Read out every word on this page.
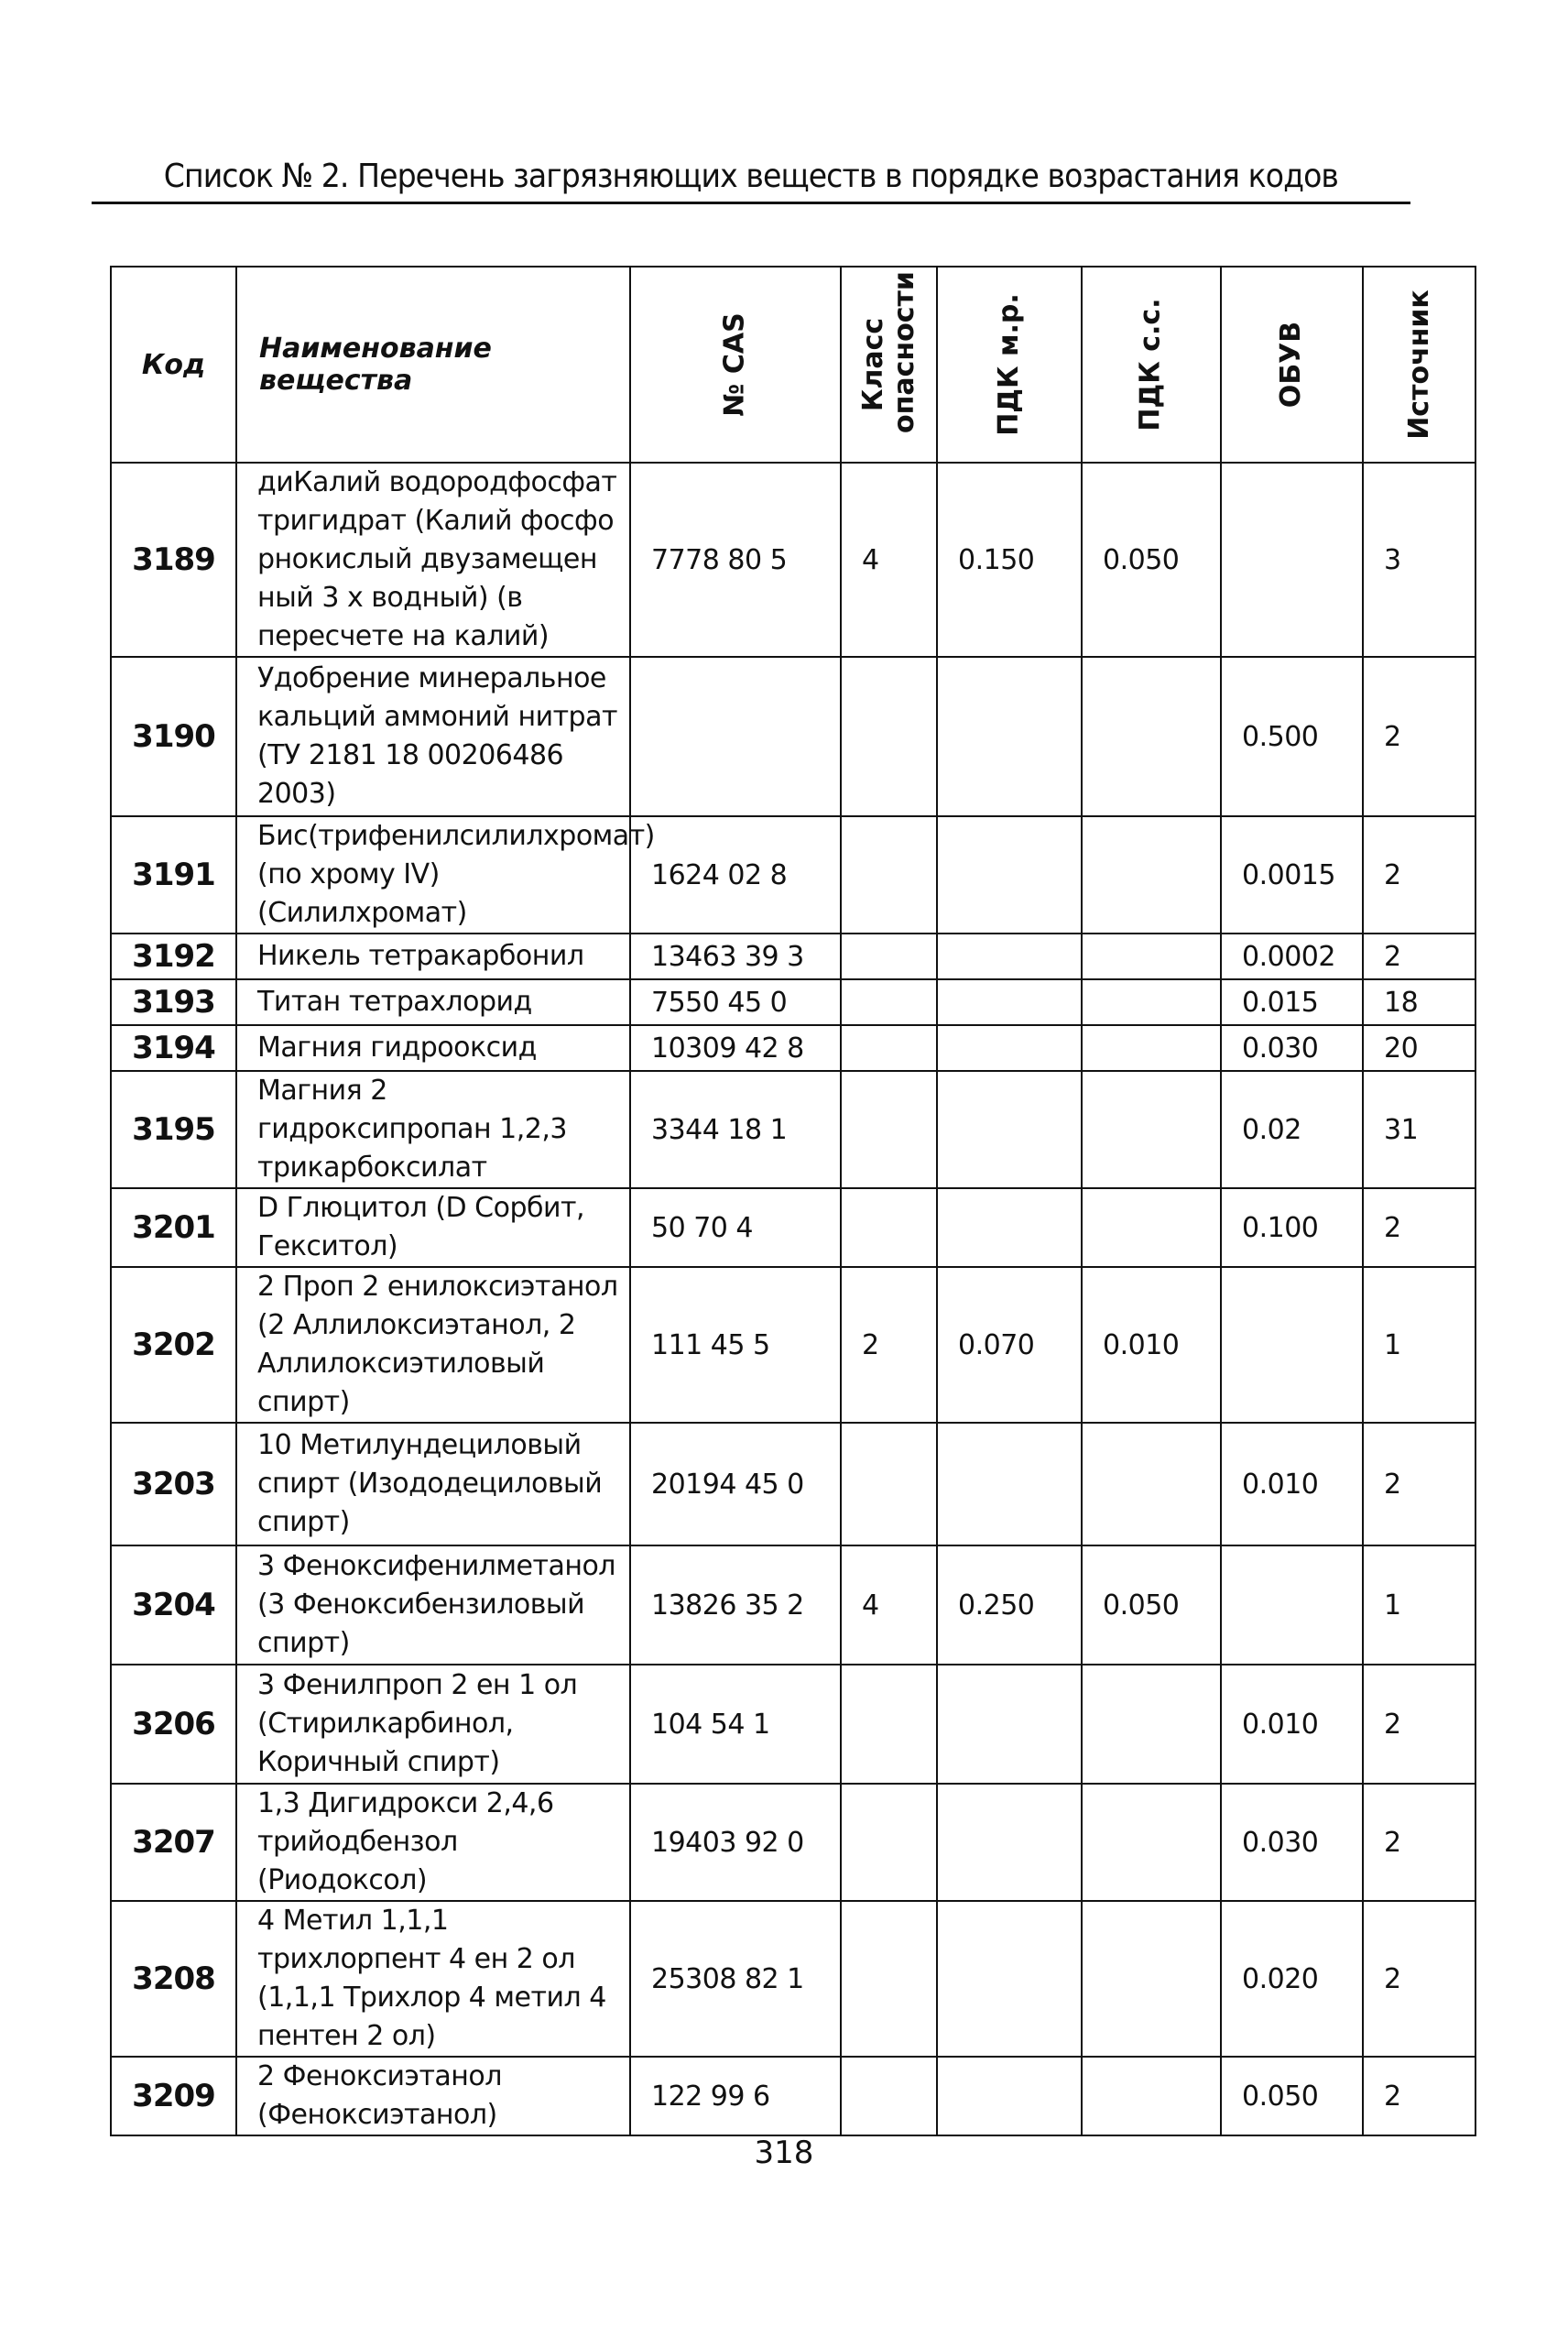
Список № 2. Перечень загрязняющих веществ в порядке возрастания кодов
Код	Наименование вещества	№ CAS	Класс опасности	ПДК м.р.	ПДК с.с.	ОБУВ	Источник

3189	диКалий водородфосфат тригидрат (Калий фосфо рнокислый двузамещен ный 3 х водный) (в пересчете на калий)	7778 80 5	4	0.150	0.050		3
3190	Удобрение минеральное кальций аммоний нитрат (ТУ 2181 18 00206486 2003)					0.500	2
3191	Бис(трифенилсилилхромат) (по хрому IV) (Силилхромат)	1624 02 8				0.0015	2
3192	Никель тетракарбонил	13463 39 3				0.0002	2
3193	Титан тетрахлорид	7550 45 0				0.015	18
3194	Магния гидрооксид	10309 42 8				0.030	20
3195	Магния 2 гидроксипропан 1,2,3 трикарбоксилат	3344 18 1				0.02	31
3201	D Глюцитол (D Сорбит, Гекситол)	50 70 4				0.100	2
3202	2 Проп 2 енилоксиэтанол (2 Аллилоксиэтанол, 2 Аллилоксиэтиловый спирт)	111 45 5	2	0.070	0.010		1
3203	10 Метилундециловый спирт (Изододециловый спирт)	20194 45 0				0.010	2
3204	3 Феноксифенилметанол (3 Феноксибензиловый спирт)	13826 35 2	4	0.250	0.050		1
3206	3 Фенилпроп 2 ен 1 ол (Стирилкарбинол, Коричный спирт)	104 54 1				0.010	2
3207	1,3 Дигидрокси 2,4,6 трийодбензол (Риодоксол)	19403 92 0				0.030	2
3208	4 Метил 1,1,1 трихлорпент 4 ен 2 ол (1,1,1 Трихлор 4 метил 4 пентен 2 ол)	25308 82 1				0.020	2
3209	2 Феноксиэтанол (Феноксиэтанол)	122 99 6				0.050	2
318
